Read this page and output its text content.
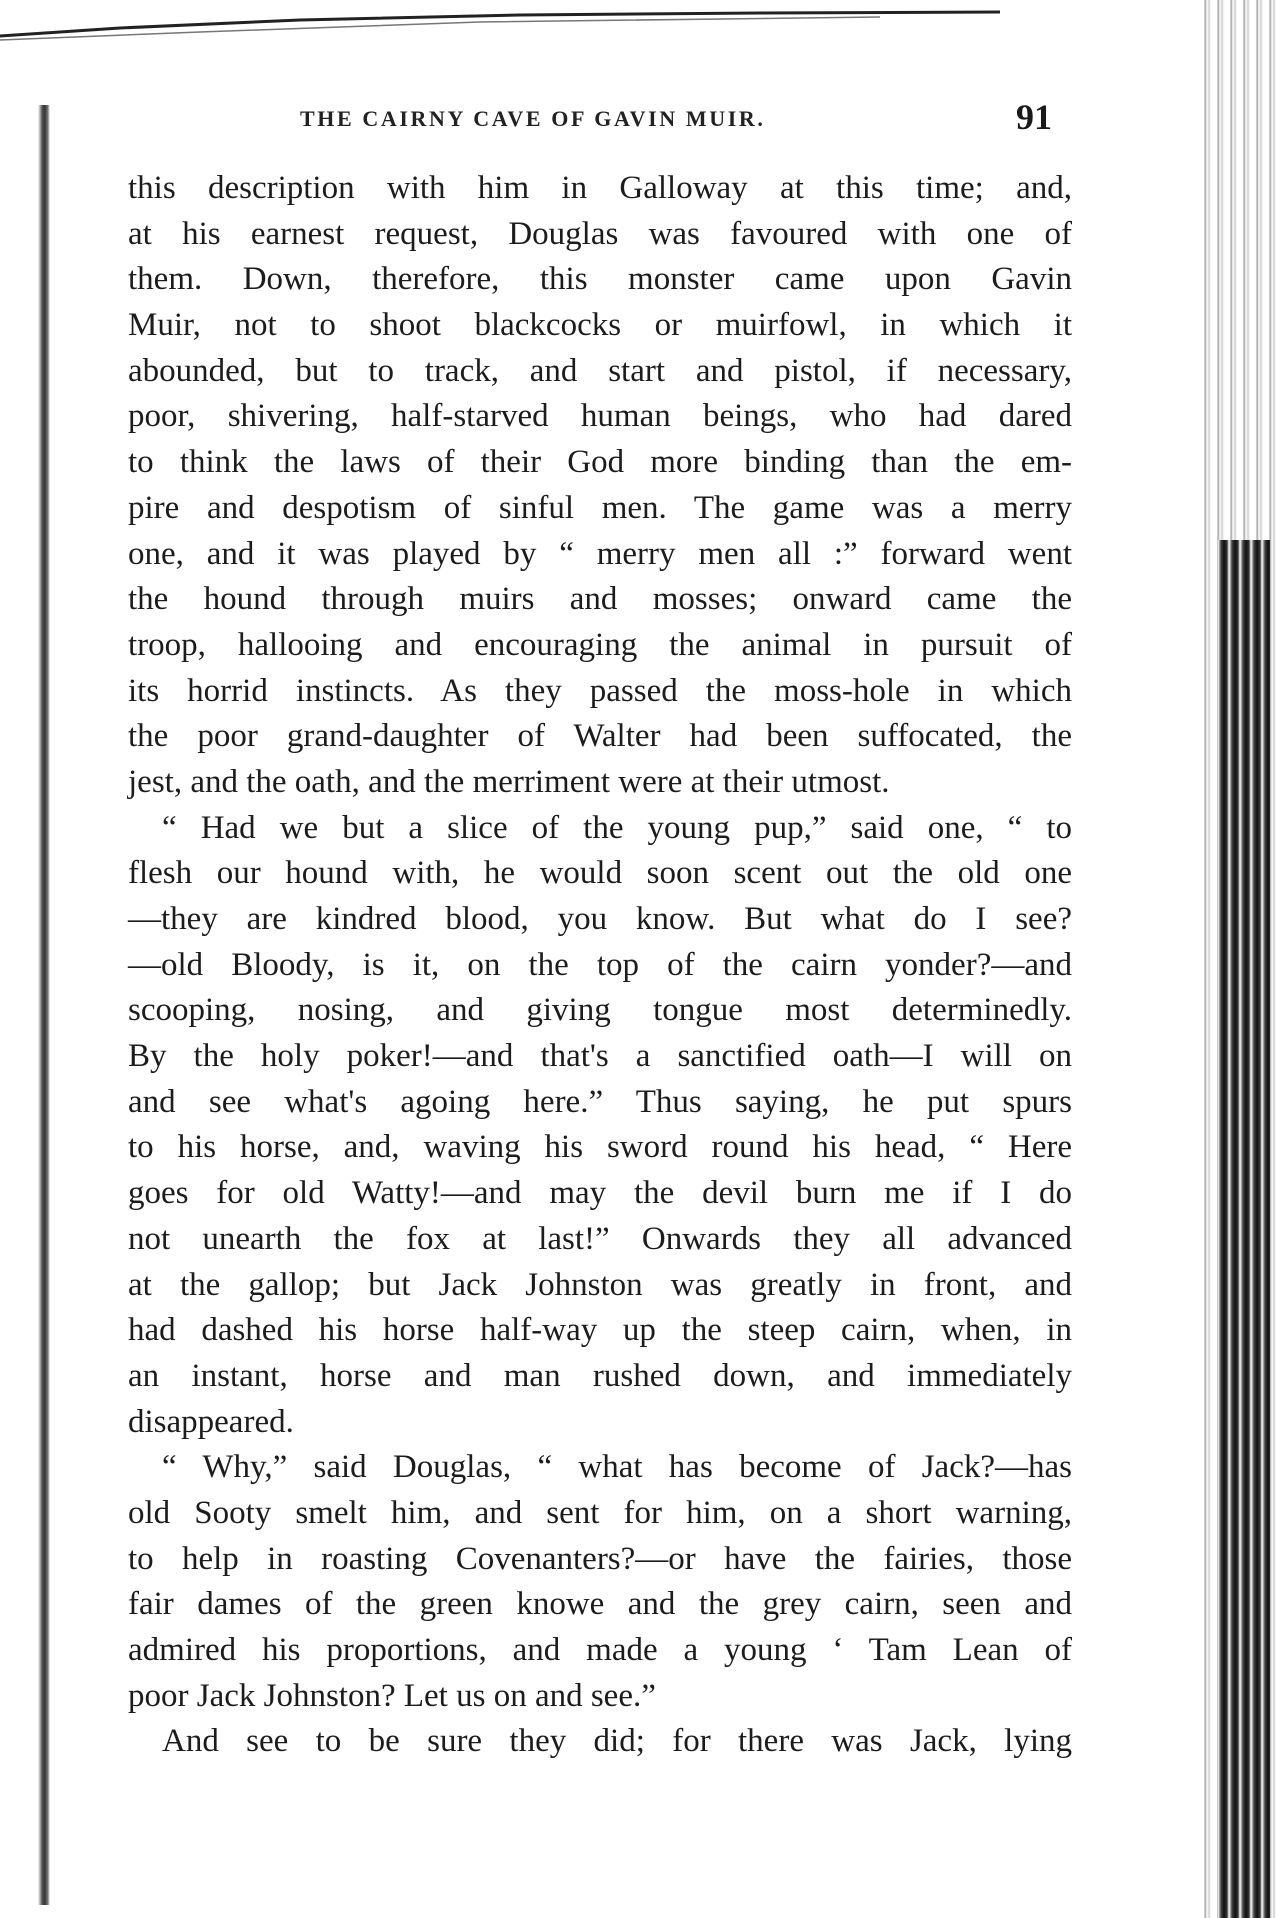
THE CAIRNY CAVE OF GAVIN MUIR.	91
this description with him in Galloway at this time; and,
at his earnest request, Douglas was favoured with one of
them. Down, therefore, this monster came upon Gavin
Muir, not to shoot blackcocks or muirfowl, in which it
abounded, but to track, and start and pistol, if necessary,
poor, shivering, half-starved human beings, who had dared
to think the laws of their God more binding than the em-
pire and despotism of sinful men. The game was a merry
one, and it was played by “ merry men all :” forward went
the hound through muirs and mosses; onward came the
troop, hallooing and encouraging the animal in pursuit of
its horrid instincts. As they passed the moss-hole in which
the poor grand-daughter of Walter had been suffocated, the
jest, and the oath, and the merriment were at their utmost.
“ Had we but a slice of the young pup,” said one, “ to
flesh our hound with, he would soon scent out the old one
—they are kindred blood, you know. But what do I see?
—old Bloody, is it, on the top of the cairn yonder?—and
scooping, nosing, and giving tongue most determinedly.
By the holy poker!—and that's a sanctified oath—I will on
and see what's agoing here.” Thus saying, he put spurs
to his horse, and, waving his sword round his head, “ Here
goes for old Watty!—and may the devil burn me if I do
not unearth the fox at last!” Onwards they all advanced
at the gallop; but Jack Johnston was greatly in front, and
had dashed his horse half-way up the steep cairn, when, in
an instant, horse and man rushed down, and immediately
disappeared.
“ Why,” said Douglas, “ what has become of Jack?—has
old Sooty smelt him, and sent for him, on a short warning,
to help in roasting Covenanters?—or have the fairies, those
fair dames of the green knowe and the grey cairn, seen and
admired his proportions, and made a young ‘ Tam Lean of
poor Jack Johnston? Let us on and see.”
And see to be sure they did; for there was Jack, lying
